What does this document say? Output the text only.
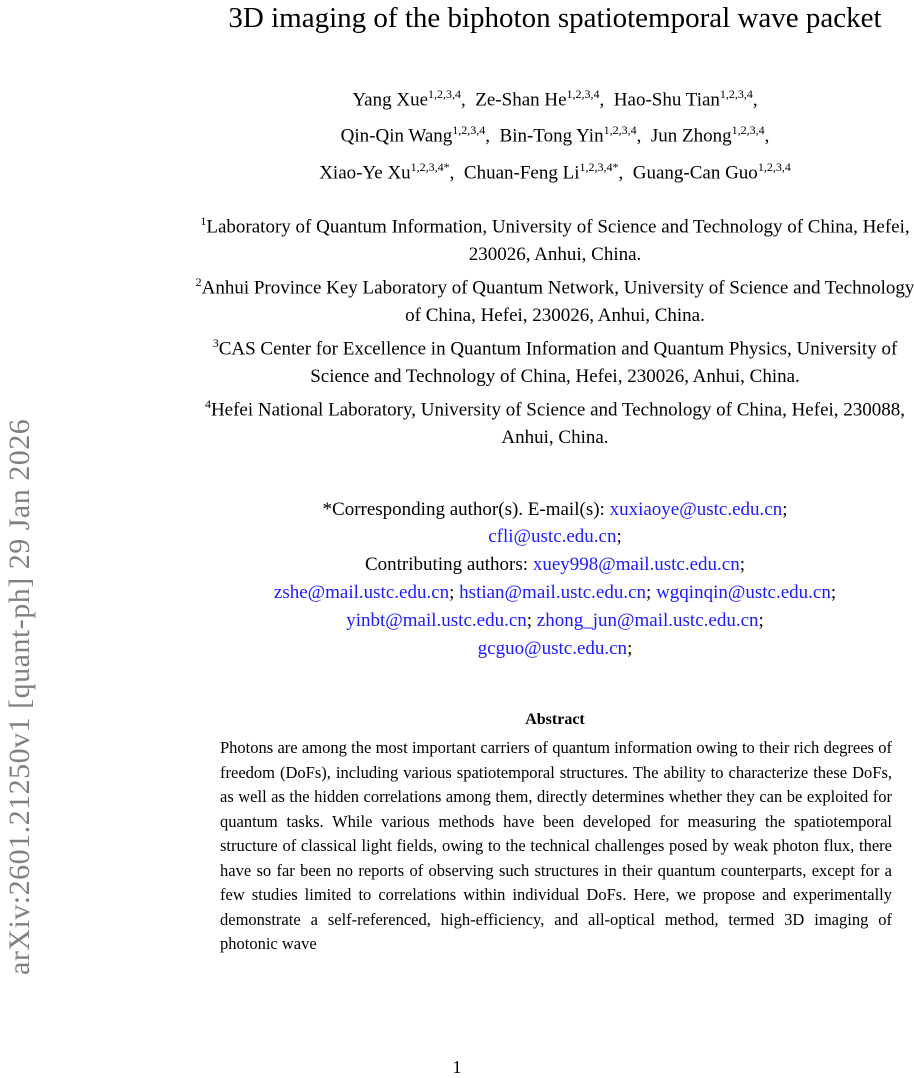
arXiv:2601.21250v1 [quant-ph] 29 Jan 2026
3D imaging of the biphoton spatiotemporal wave packet
Yang Xue$^{1,2,3,4}$, Ze-Shan He$^{1,2,3,4}$, Hao-Shu Tian$^{1,2,3,4}$,
Qin-Qin Wang$^{1,2,3,4}$, Bin-Tong Yin$^{1,2,3,4}$, Jun Zhong$^{1,2,3,4}$,
Xiao-Ye $Xu^{1,2,3,4*}$, Chuan-Feng $Li^{1,2,3,4*}$, Guang-Can Guo$^{1,2,3,4}$

$^1$Laboratory of Quantum Information, University of Science and Technology of China, Hefei, 230026, Anhui, China.

$^2$Anhui Province Key Laboratory of Quantum Network, University of Science and Technology of China, Hefei, 230026, Anhui, China.

$^3$CAS Center for Excellence in Quantum Information and Quantum Physics, University of Science and Technology of China, Hefei, 230026, Anhui, China.

$^4$Hefei National Laboratory, University of Science and Technology of China, Hefei, 230088, Anhui, China.

*Corresponding author(s). E-mail(s): xuxiaoye@ustc.edu.cn;
cfli@ustc.edu.cn;
Contributing authors: xuey998@mail.ustc.edu.cn;
zshe@mail.ustc.edu.cn; hstian@mail.ustc.edu.cn; wgqinqin@ustc.edu.cn;
yinbt@mail.ustc.edu.cn; zhong_jun@mail.ustc.edu.cn;
gcguo@ustc.edu.cn;
Abstract
Photons are among the most important carriers of quantum information owing to their rich degrees of freedom (DoFs), including various spatiotemporal structures. The ability to characterize these DoFs, as well as the hidden correlations among them, directly determines whether they can be exploited for quantum tasks. While various methods have been developed for measuring the spatiotemporal structure of classical light fields, owing to the technical challenges posed by weak photon flux, there have so far been no reports of observing such structures in their quantum counterparts, except for a few studies limited to correlations within individual DoFs. Here, we propose and experimentally demonstrate a self-referenced, high-efficiency, and all-optical method, termed 3D imaging of photonic wave
1
